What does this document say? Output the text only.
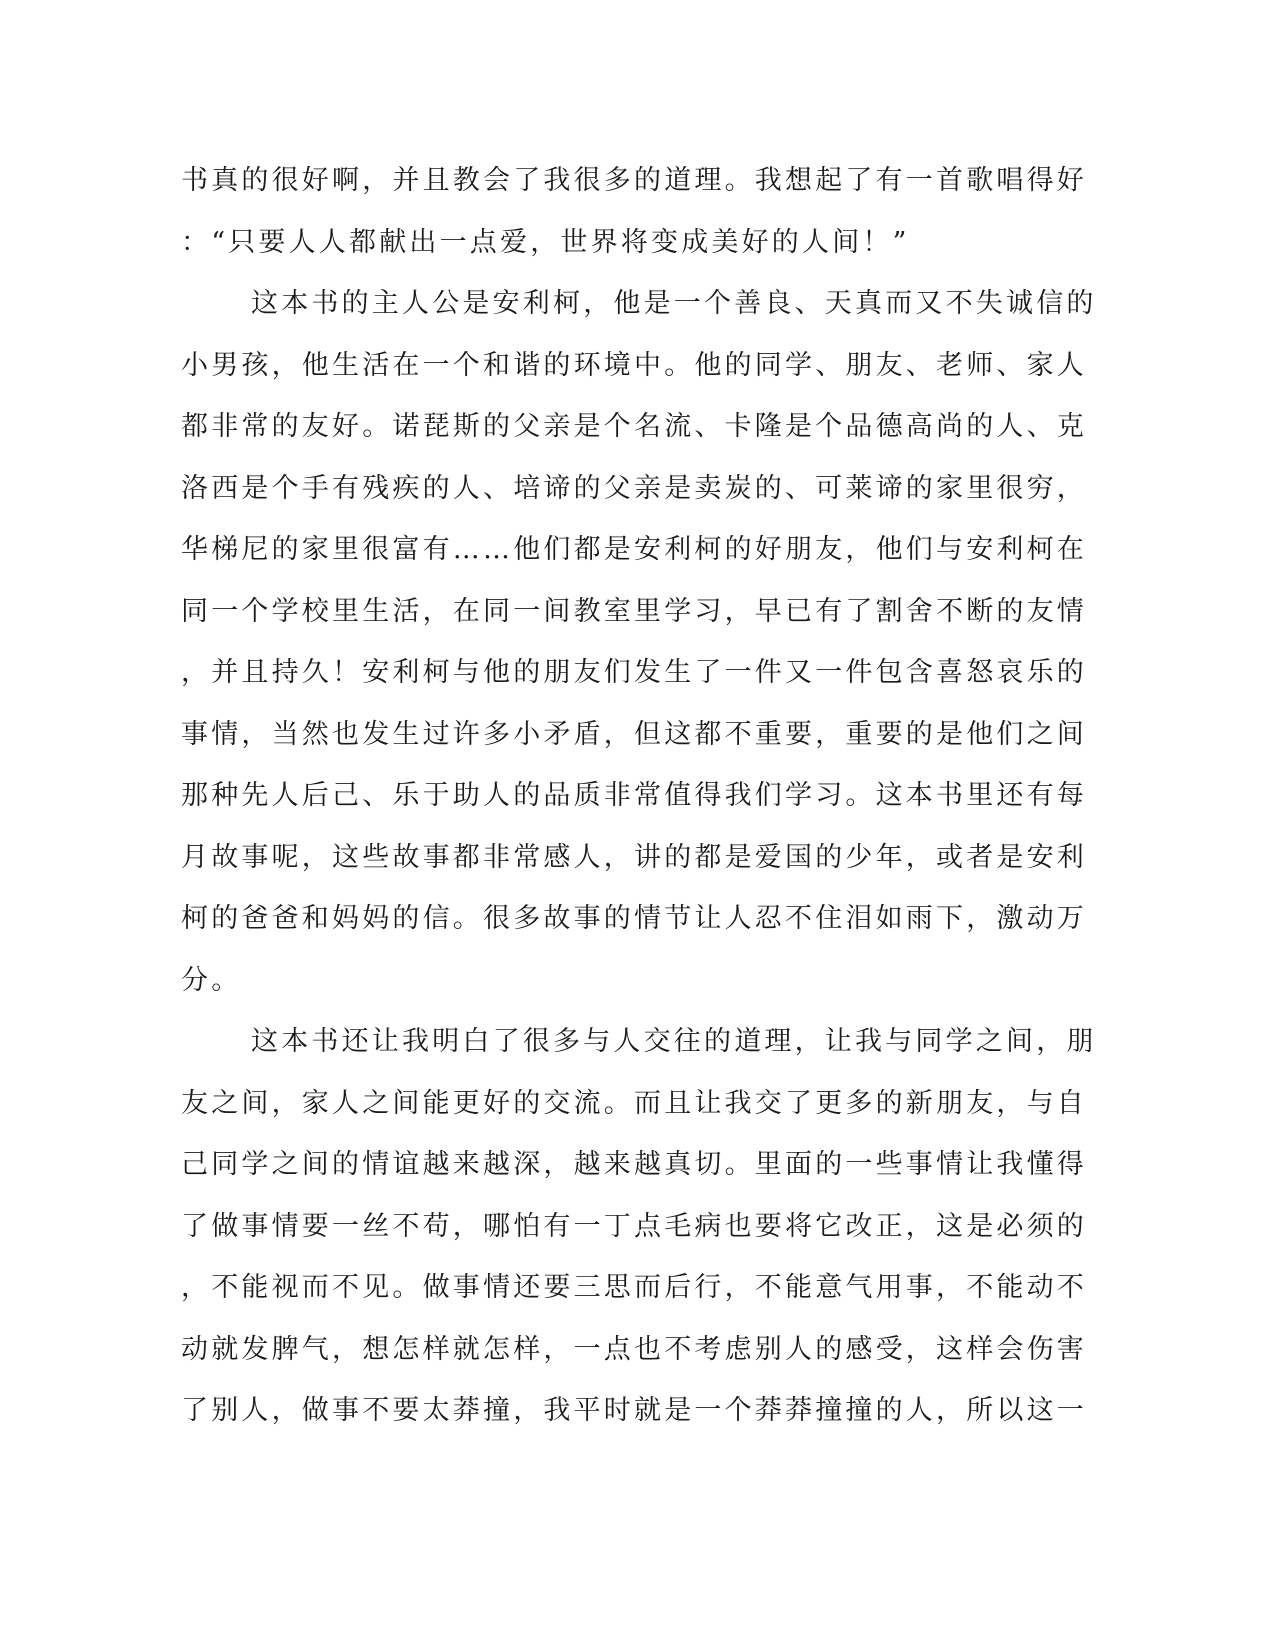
书真的很好啊，并且教会了我很多的道理。我想起了有一首歌唱得好
：“只要人人都献出一点爱，世界将变成美好的人间！”
这本书的主人公是安利柯，他是一个善良、天真而又不失诚信的
小男孩，他生活在一个和谐的环境中。他的同学、朋友、老师、家人
都非常的友好。诺琵斯的父亲是个名流、卡隆是个品德高尚的人、克
洛西是个手有残疾的人、培谛的父亲是卖炭的、可莱谛的家里很穷，
华梯尼的家里很富有……他们都是安利柯的好朋友，他们与安利柯在
同一个学校里生活，在同一间教室里学习，早已有了割舍不断的友情
，并且持久！安利柯与他的朋友们发生了一件又一件包含喜怒哀乐的
事情，当然也发生过许多小矛盾，但这都不重要，重要的是他们之间
那种先人后己、乐于助人的品质非常值得我们学习。这本书里还有每
月故事呢，这些故事都非常感人，讲的都是爱国的少年，或者是安利
柯的爸爸和妈妈的信。很多故事的情节让人忍不住泪如雨下，激动万
分。
这本书还让我明白了很多与人交往的道理，让我与同学之间，朋
友之间，家人之间能更好的交流。而且让我交了更多的新朋友，与自
己同学之间的情谊越来越深，越来越真切。里面的一些事情让我懂得
了做事情要一丝不苟，哪怕有一丁点毛病也要将它改正，这是必须的
，不能视而不见。做事情还要三思而后行，不能意气用事，不能动不
动就发脾气，想怎样就怎样，一点也不考虑别人的感受，这样会伤害
了别人，做事不要太莽撞，我平时就是一个莽莽撞撞的人，所以这一
